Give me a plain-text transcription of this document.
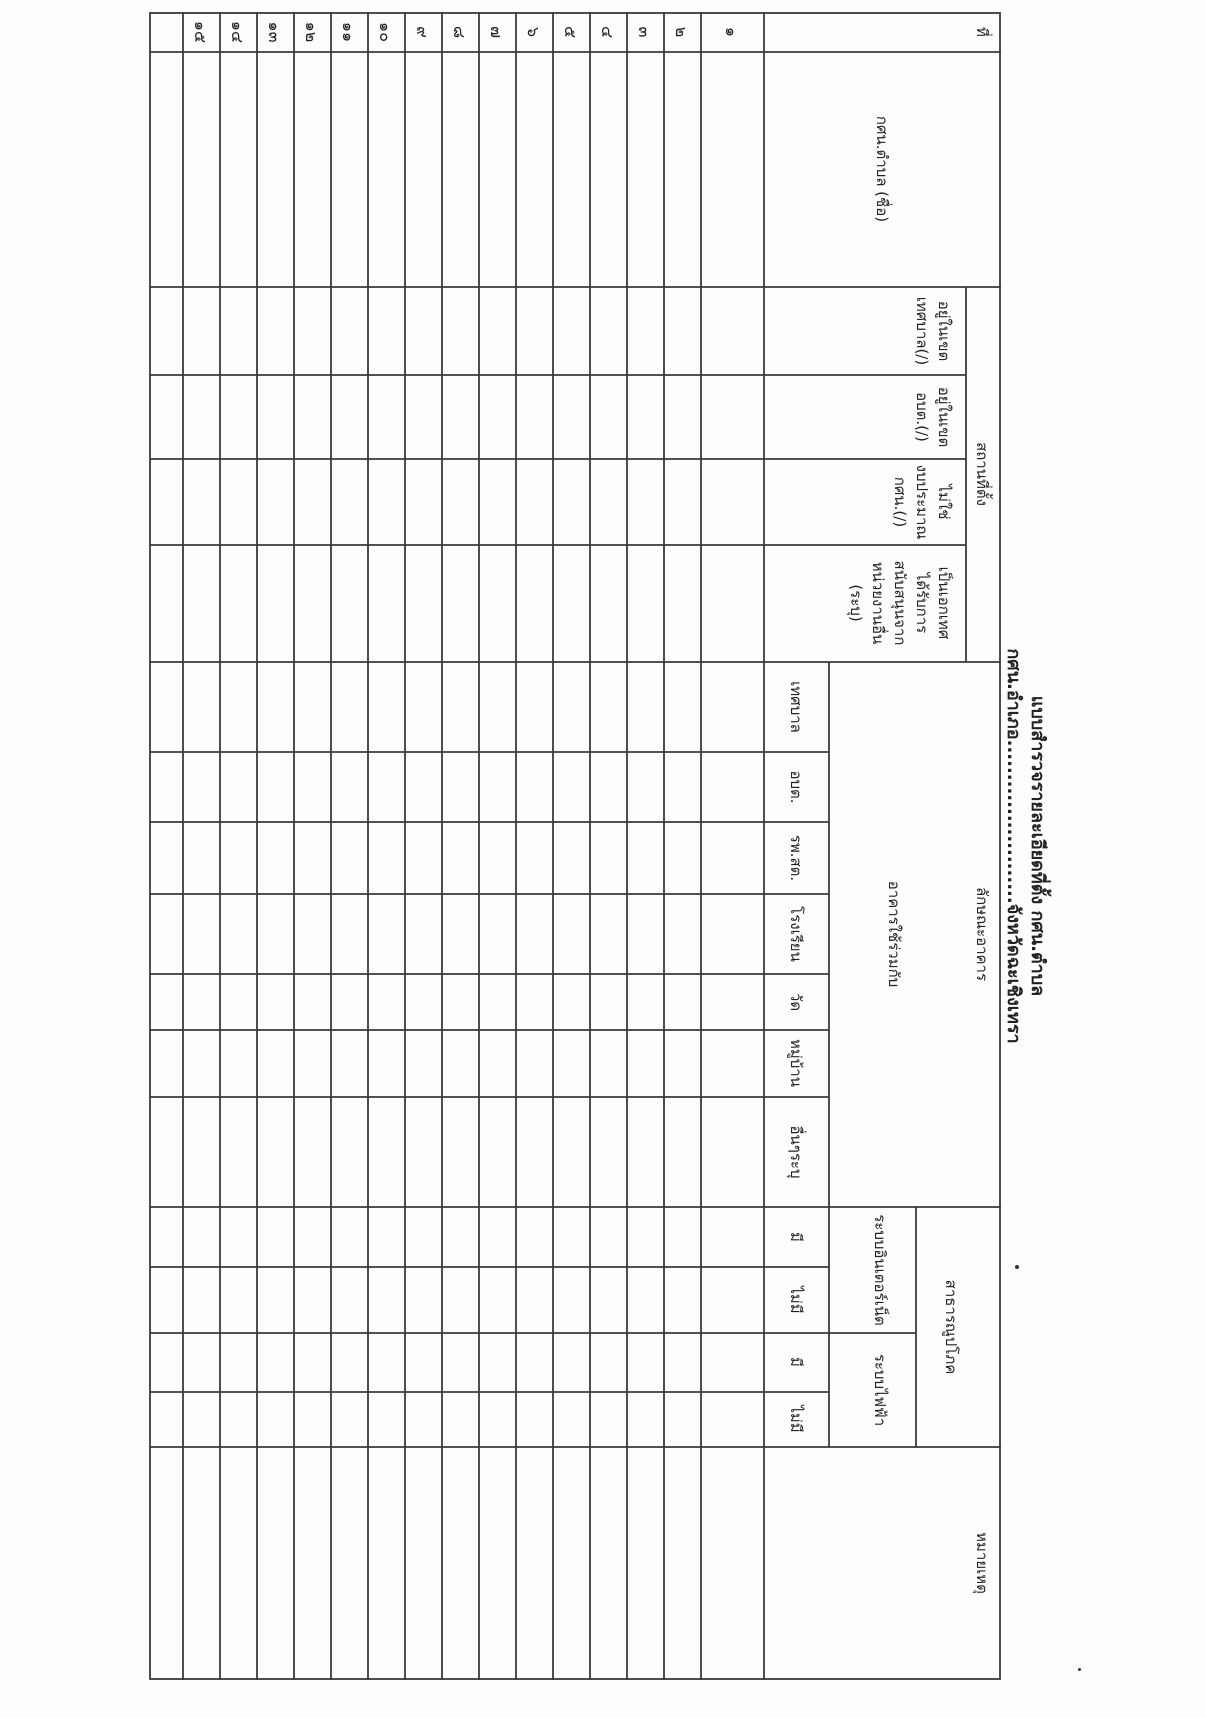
แบบสำรวจรายละเอียดที่ตั้ง กศน.ตำบล
กศน.อำเภอ........................จังหวัดฉะเชิงเทรา
ที่
กศน.ตำบล (ชื่อ)
สถานที่ตั้ง
อยู่ในเขต
เทศบาล(/)
อยู่ในเขต
อบต.(/)
ไม่ใช่
งบประมาณ
กศน.(/)
เป็นเอกเทศ
ได้รับการ
สนับสนุนจาก
หน่วยงานอื่น
(ระบุ)
ลักษณะอาคาร
อาคารใช้ร่วมกับ
เทศบาล
อบต.
รพ.สต.
โรงเรียน
วัด
หมู่บ้าน
อื่นๆระบุ
สาธารณูปโภค
ระบบอินเตอร์เน็ต
ระบบไฟฟ้า
มี
ไม่มี
มี
ไม่มี
หมายเหตุ
๑
๒
๓
๔
๕
๖
๗
๘
๙
๑๐
๑๑
๑๒
๑๓
๑๔
๑๕
